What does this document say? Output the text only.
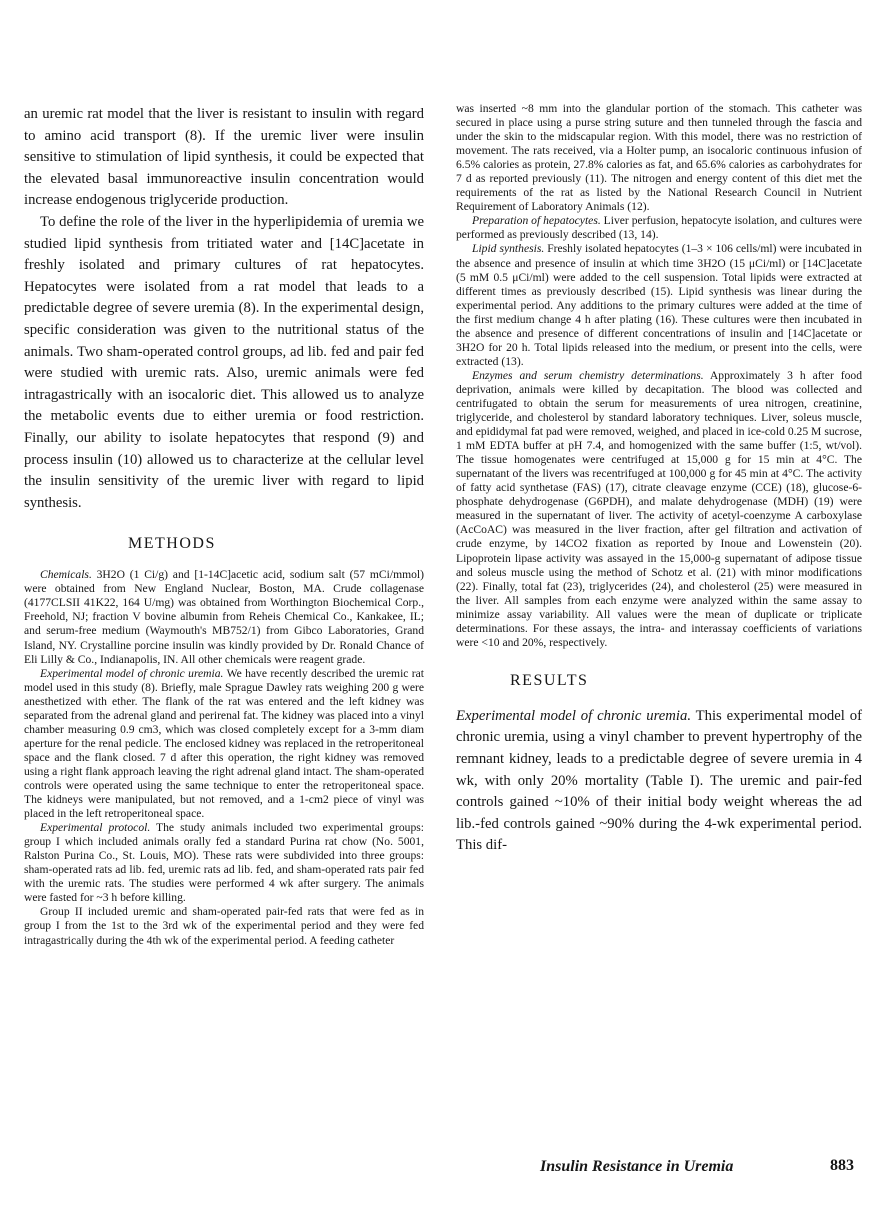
an uremic rat model that the liver is resistant to insulin with regard to amino acid transport (8). If the uremic liver were insulin sensitive to stimulation of lipid synthesis, it could be expected that the elevated basal immunoreactive insulin concentration would increase endogenous triglyceride production.

To define the role of the liver in the hyperlipidemia of uremia we studied lipid synthesis from tritiated water and [14C]acetate in freshly isolated and primary cultures of rat hepatocytes. Hepatocytes were isolated from a rat model that leads to a predictable degree of severe uremia (8). In the experimental design, specific consideration was given to the nutritional status of the animals. Two sham-operated control groups, ad lib. fed and pair fed were studied with uremic rats. Also, uremic animals were fed intragastrically with an isocaloric diet. This allowed us to analyze the metabolic events due to either uremia or food restriction. Finally, our ability to isolate hepatocytes that respond (9) and process insulin (10) allowed us to characterize at the cellular level the insulin sensitivity of the uremic liver with regard to lipid synthesis.

METHODS

Chemicals. 3H2O (1 Ci/g) and [1-14C]acetic acid, sodium salt (57 mCi/mmol) were obtained from New England Nuclear, Boston, MA. Crude collagenase (4177CLSII 41K22, 164 U/mg) was obtained from Worthington Biochemical Corp., Freehold, NJ; fraction V bovine albumin from Reheis Chemical Co., Kankakee, IL; and serum-free medium (Waymouth's MB752/1) from Gibco Laboratories, Grand Island, NY. Crystalline porcine insulin was kindly provided by Dr. Ronald Chance of Eli Lilly & Co., Indianapolis, IN. All other chemicals were reagent grade.

Experimental model of chronic uremia. We have recently described the uremic rat model used in this study (8). Briefly, male Sprague Dawley rats weighing 200 g were anesthetized with ether. The flank of the rat was entered and the left kidney was separated from the adrenal gland and perirenal fat. The kidney was placed into a vinyl chamber measuring 0.9 cm3, which was closed completely except for a 3-mm diam aperture for the renal pedicle. The enclosed kidney was replaced in the retroperitoneal space and the flank closed. 7 d after this operation, the right kidney was removed using a right flank approach leaving the right adrenal gland intact. The sham-operated controls were operated using the same technique to enter the retroperitoneal space. The kidneys were manipulated, but not removed, and a 1-cm2 piece of vinyl was placed in the left retroperitoneal space.

Experimental protocol. The study animals included two experimental groups: group I which included animals orally fed a standard Purina rat chow (No. 5001, Ralston Purina Co., St. Louis, MO). These rats were subdivided into three groups: sham-operated rats ad lib. fed, uremic rats ad lib. fed, and sham-operated rats pair fed with the uremic rats. The studies were performed 4 wk after surgery. The animals were fasted for ~3 h before killing.

Group II included uremic and sham-operated pair-fed rats that were fed as in group I from the 1st to the 3rd wk of the experimental period and they were fed intragastrically during the 4th wk of the experimental period. A feeding catheter

was inserted ~8 mm into the glandular portion of the stomach. This catheter was secured in place using a purse string suture and then tunneled through the fascia and under the skin to the midscapular region. With this model, there was no restriction of movement. The rats received, via a Holter pump, an isocaloric continuous infusion of 6.5% calories as protein, 27.8% calories as fat, and 65.6% calories as carbohydrates for 7 d as reported previously (11). The nitrogen and energy content of this diet met the requirements of the rat as listed by the National Research Council in Nutrient Requirement of Laboratory Animals (12).

Preparation of hepatocytes. Liver perfusion, hepatocyte isolation, and cultures were performed as previously described (13, 14).

Lipid synthesis. Freshly isolated hepatocytes (1–3 × 106 cells/ml) were incubated in the absence and presence of insulin at which time 3H2O (15 μCi/ml) or [14C]acetate (5 mM 0.5 μCi/ml) were added to the cell suspension. Total lipids were extracted at different times as previously described (15). Lipid synthesis was linear during the experimental period. Any additions to the primary cultures were added at the time of the first medium change 4 h after plating (16). These cultures were then incubated in the absence and presence of different concentrations of insulin and [14C]acetate or 3H2O for 20 h. Total lipids released into the medium, or present into the cells, were extracted (13).

Enzymes and serum chemistry determinations. Approximately 3 h after food deprivation, animals were killed by decapitation. The blood was collected and centrifugated to obtain the serum for measurements of urea nitrogen, creatinine, triglyceride, and cholesterol by standard laboratory techniques. Liver, soleus muscle, and epididymal fat pad were removed, weighed, and placed in ice-cold 0.25 M sucrose, 1 mM EDTA buffer at pH 7.4, and homogenized with the same buffer (1:5, wt/vol). The tissue homogenates were centrifuged at 15,000 g for 15 min at 4°C. The supernatant of the livers was recentrifuged at 100,000 g for 45 min at 4°C. The activity of fatty acid synthetase (FAS) (17), citrate cleavage enzyme (CCE) (18), glucose-6-phosphate dehydrogenase (G6PDH), and malate dehydrogenase (MDH) (19) were measured in the supernatant of liver. The activity of acetyl-coenzyme A carboxylase (AcCoAC) was measured in the liver fraction, after gel filtration and activation of crude enzyme, by 14CO2 fixation as reported by Inoue and Lowenstein (20). Lipoprotein lipase activity was assayed in the 15,000-g supernatant of adipose tissue and soleus muscle using the method of Schotz et al. (21) with minor modifications (22). Finally, total fat (23), triglycerides (24), and cholesterol (25) were measured in the liver. All samples from each enzyme were analyzed within the same assay to minimize assay variability. All values were the mean of duplicate or triplicate determinations. For these assays, the intra- and interassay coefficients of variations were <10 and 20%, respectively.

RESULTS

Experimental model of chronic uremia. This experimental model of chronic uremia, using a vinyl chamber to prevent hypertrophy of the remnant kidney, leads to a predictable degree of severe uremia in 4 wk, with only 20% mortality (Table I). The uremic and pair-fed controls gained ~10% of their initial body weight whereas the ad lib.-fed controls gained ~90% during the 4-wk experimental period. This dif-

Insulin Resistance in Uremia	883
